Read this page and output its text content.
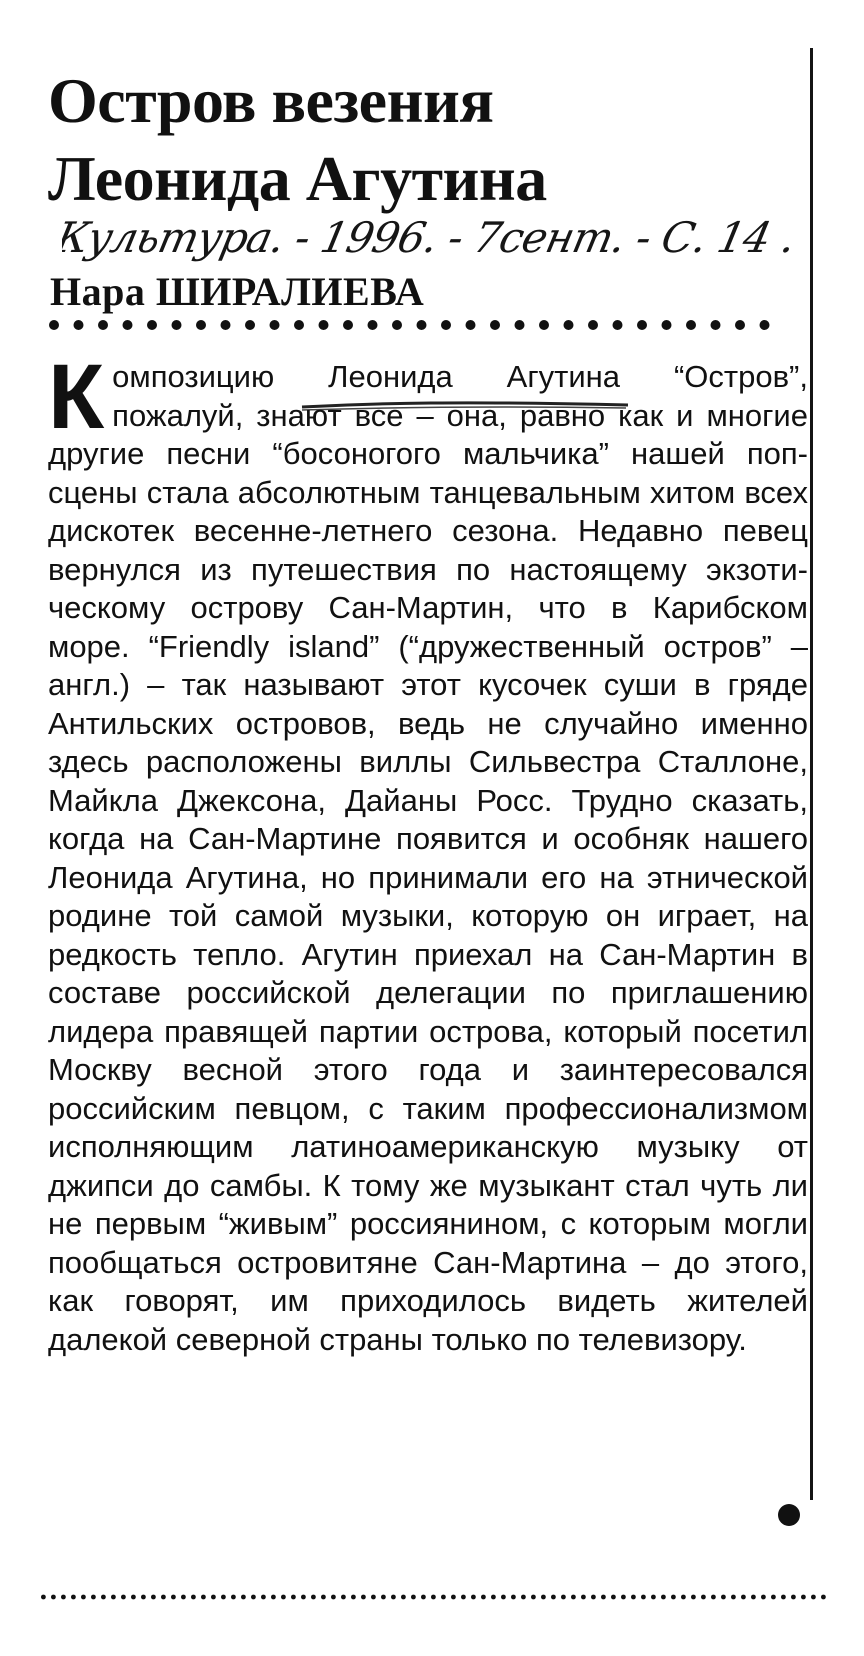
Остров везения
Леонида Агутина
Культура. - 1996. - 7сент. - С. 14 .
Нара ШИРАЛИЕВА

Композицию Леонида Агутина “Остров”, пожалуй, знают все – она, равно как и многие другие песни “босоногого мальчика” нашей поп-сцены стала абсолютным танцевальным хитом всех дискотек весенне-летнего сезона. Недавно певец вернулся из путешествия по настоящему экзотическому острову Сан-Мартин, что в Карибском море. “Friendly island” (“дружественный остров” – англ.) – так называют этот кусочек суши в гряде Антильских островов, ведь не случайно именно здесь расположены виллы Сильвестра Сталлоне, Майкла Джексона, Дайаны Росс. Трудно сказать, когда на Сан-Мартине появится и особняк нашего Леонида Агутина, но принимали его на этнической родине той самой музыки, которую он играет, на редкость тепло. Агутин приехал на Сан-Мартин в составе российской делегации по приглашению лидера правящей партии острова, который посетил Москву весной этого года и заинтересовался российским певцом, с таким профессионализмом исполняющим латиноамериканскую музыку от джипси до самбы. К тому же музыкант стал чуть ли не первым “живым” россиянином, с которым могли пообщаться островитяне Сан-Мартина – до этого, как говорят, им приходилось видеть жителей далекой северной страны только по телевизору.
